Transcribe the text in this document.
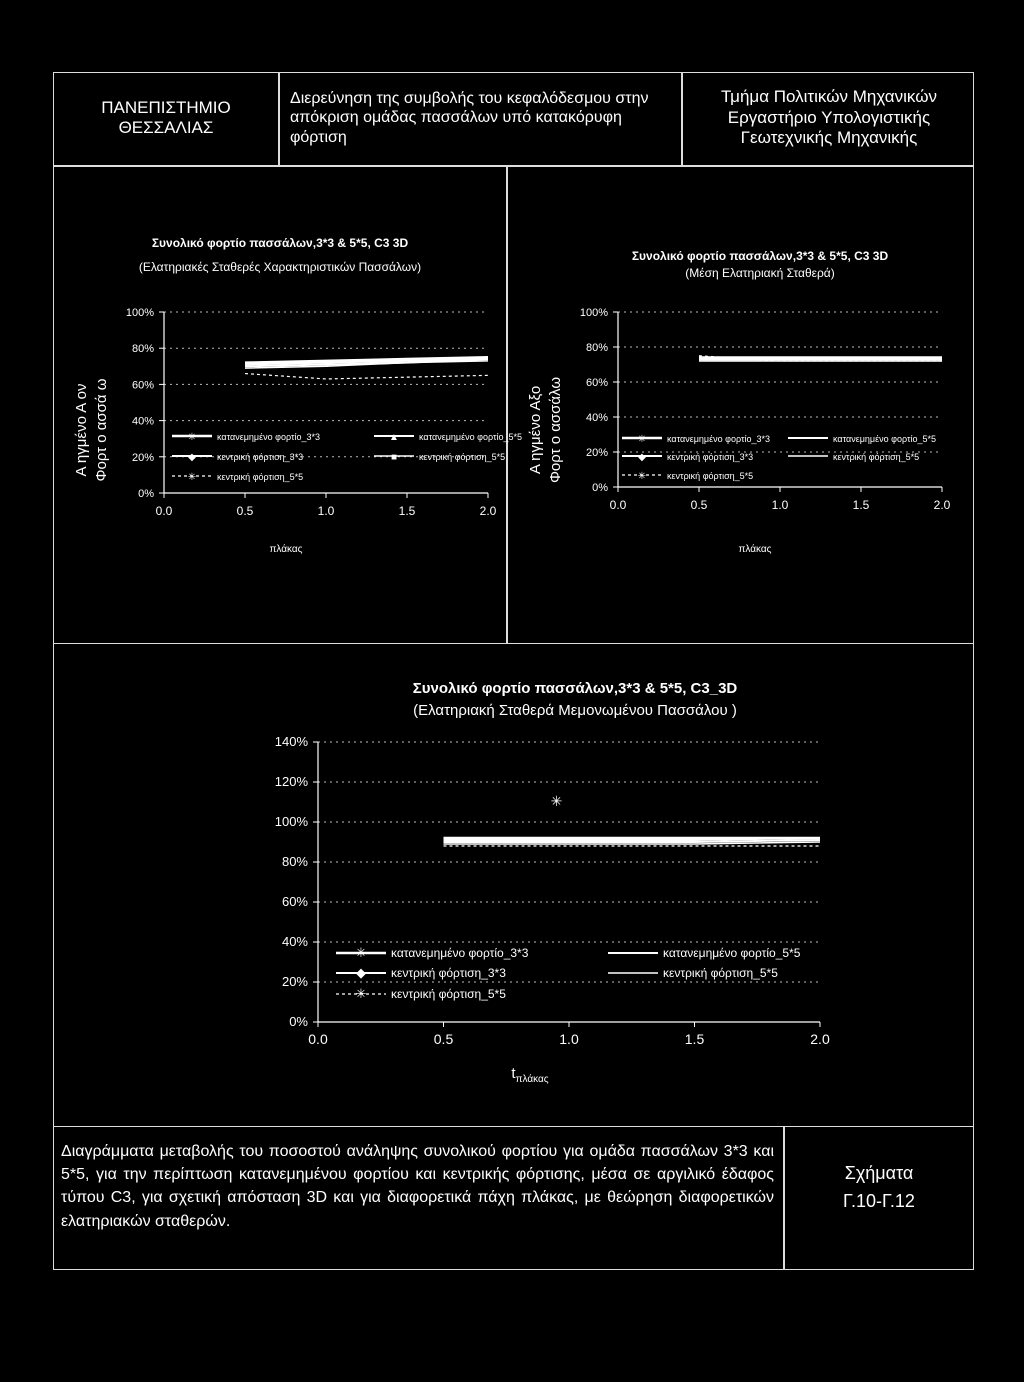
ΠΑΝΕΠΙΣΤΗΜΙΟ ΘΕΣΣΑΛΙΑΣ
Διερεύνηση της συμβολής του κεφαλόδεσμου στην απόκριση ομάδας πασσάλων υπό κατακόρυφη φόρτιση
Τμήμα Πολιτικών Μηχανικών Εργαστήριο Υπολογιστικής Γεωτεχνικής Μηχανικής
Διαγράμματα μεταβολής του ποσοστού ανάληψης συνολικού φορτίου για ομάδα πασσάλων 3*3 και 5*5, για την περίπτωση κατανεμημένου φορτίου και κεντρικής φόρτισης, μέσα σε αργιλικό έδαφος τύπου C3, για σχετική απόσταση 3D και για διαφορετικά πάχη πλάκας, με θεώρηση διαφορετικών ελατηριακών σταθερών.
Σχήματα
Γ.10-Γ.12
Συνολικό φορτίο πασσάλων,3*3 & 5*5, C3 3D
(Ελατηριακές Σταθερές Χαρακτηριστικών Πασσάλων)
Α ηγμένο Α ον Φορτ ο ασσά ω
0%
20%
40%
60%
80%
100%
0.0	0.5	1.0	1.5	2.0
✳ κατανεμημένο φορτίο_3*3	▲ κατανεμημένο φορτίο_5*5
◆ κεντρική φόρτιση_3*3	■ κεντρική φόρτιση_5*5
✳ κεντρική φόρτιση_5*5
πλάκας
Συνολικό φορτίο πασσάλων,3*3 & 5*5, C3 3D
(Μέση Ελατηριακή Σταθερά)
Α ηγμένο Αξο Φορτ ο ασσάλω
0%
20%
40%
60%
80%
100%
0.0	0.5	1.0	1.5	2.0
✳ κατανεμημένο φορτίο_3*3	κατανεμημένο φορτίο_5*5
◆ κεντρική φόρτιση_3*3	κεντρική φόρτιση_5*5
✳ κεντρική φόρτιση_5*5
πλάκας
Συνολικό φορτίο πασσάλων,3*3 & 5*5, C3_3D
(Ελατηριακή Σταθερά Μεμονωμένου Πασσάλου )
0%
20%
40%
60%
80%
100%
120%
140%
0.0	0.5	1.0	1.5	2.0
✳
✳ κατανεμημένο φορτίο_3*3	κατανεμημένο φορτίο_5*5
◆ κεντρική φόρτιση_3*3	κεντρική φόρτιση_5*5
✳ κεντρική φόρτιση_5*5
$t_{\pi\lambda ά\kappa\alpha\varsigma}$
